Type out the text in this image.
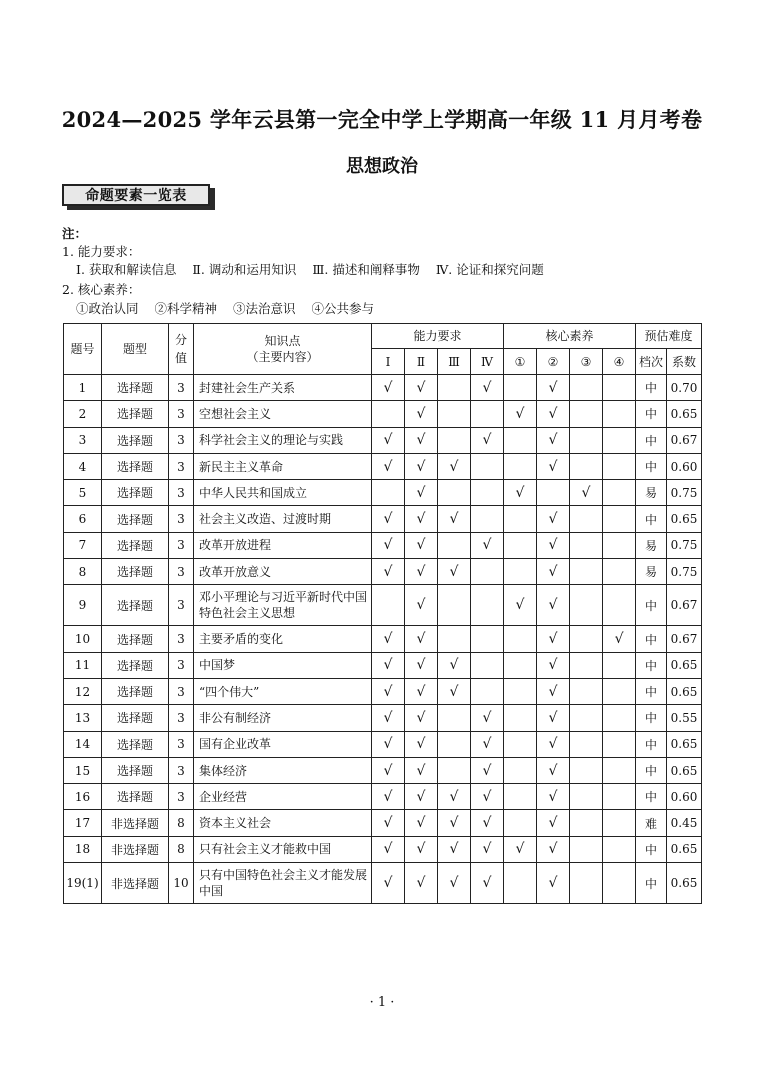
2024—2025 学年云县第一完全中学上学期高一年级 11 月月考卷
思想政治
命题要素一览表
注：
1. 能力要求：
Ⅰ. 获取和解读信息 Ⅱ. 调动和运用知识 Ⅲ. 描述和阐释事物 Ⅳ. 论证和探究问题
2. 核心素养：
①政治认同 ②科学精神 ③法治意识 ④公共参与
题号	题型	分值	知识点
（主要内容）	能力要求				核心素养				预估难度	
				Ⅰ	Ⅱ	Ⅲ	Ⅳ	①	②	③	④	档次	系数
1	选择题	3	封建社会生产关系	√	√		√		√			中	0.70
2	选择题	3	空想社会主义		√			√	√			中	0.65
3	选择题	3	科学社会主义的理论与实践	√	√		√		√			中	0.67
4	选择题	3	新民主主义革命	√	√	√			√			中	0.60
5	选择题	3	中华人民共和国成立		√			√		√		易	0.75
6	选择题	3	社会主义改造、过渡时期	√	√	√			√			中	0.65
7	选择题	3	改革开放进程	√	√		√		√			易	0.75
8	选择题	3	改革开放意义	√	√	√			√			易	0.75
9	选择题	3	邓小平理论与习近平新时代中国特色社会主义思想		√			√	√			中	0.67
10	选择题	3	主要矛盾的变化	√	√				√		√	中	0.67
11	选择题	3	中国梦	√	√	√			√			中	0.65
12	选择题	3	“四个伟大”	√	√	√			√			中	0.65
13	选择题	3	非公有制经济	√	√		√		√			中	0.55
14	选择题	3	国有企业改革	√	√		√		√			中	0.65
15	选择题	3	集体经济	√	√		√		√			中	0.65
16	选择题	3	企业经营	√	√	√	√		√			中	0.60
17	非选择题	8	资本主义社会	√	√	√	√		√			难	0.45
18	非选择题	8	只有社会主义才能救中国	√	√	√	√	√	√			中	0.65
19(1)	非选择题	10	只有中国特色社会主义才能发展中国	√	√	√	√		√			中	0.65
· 1 ·
